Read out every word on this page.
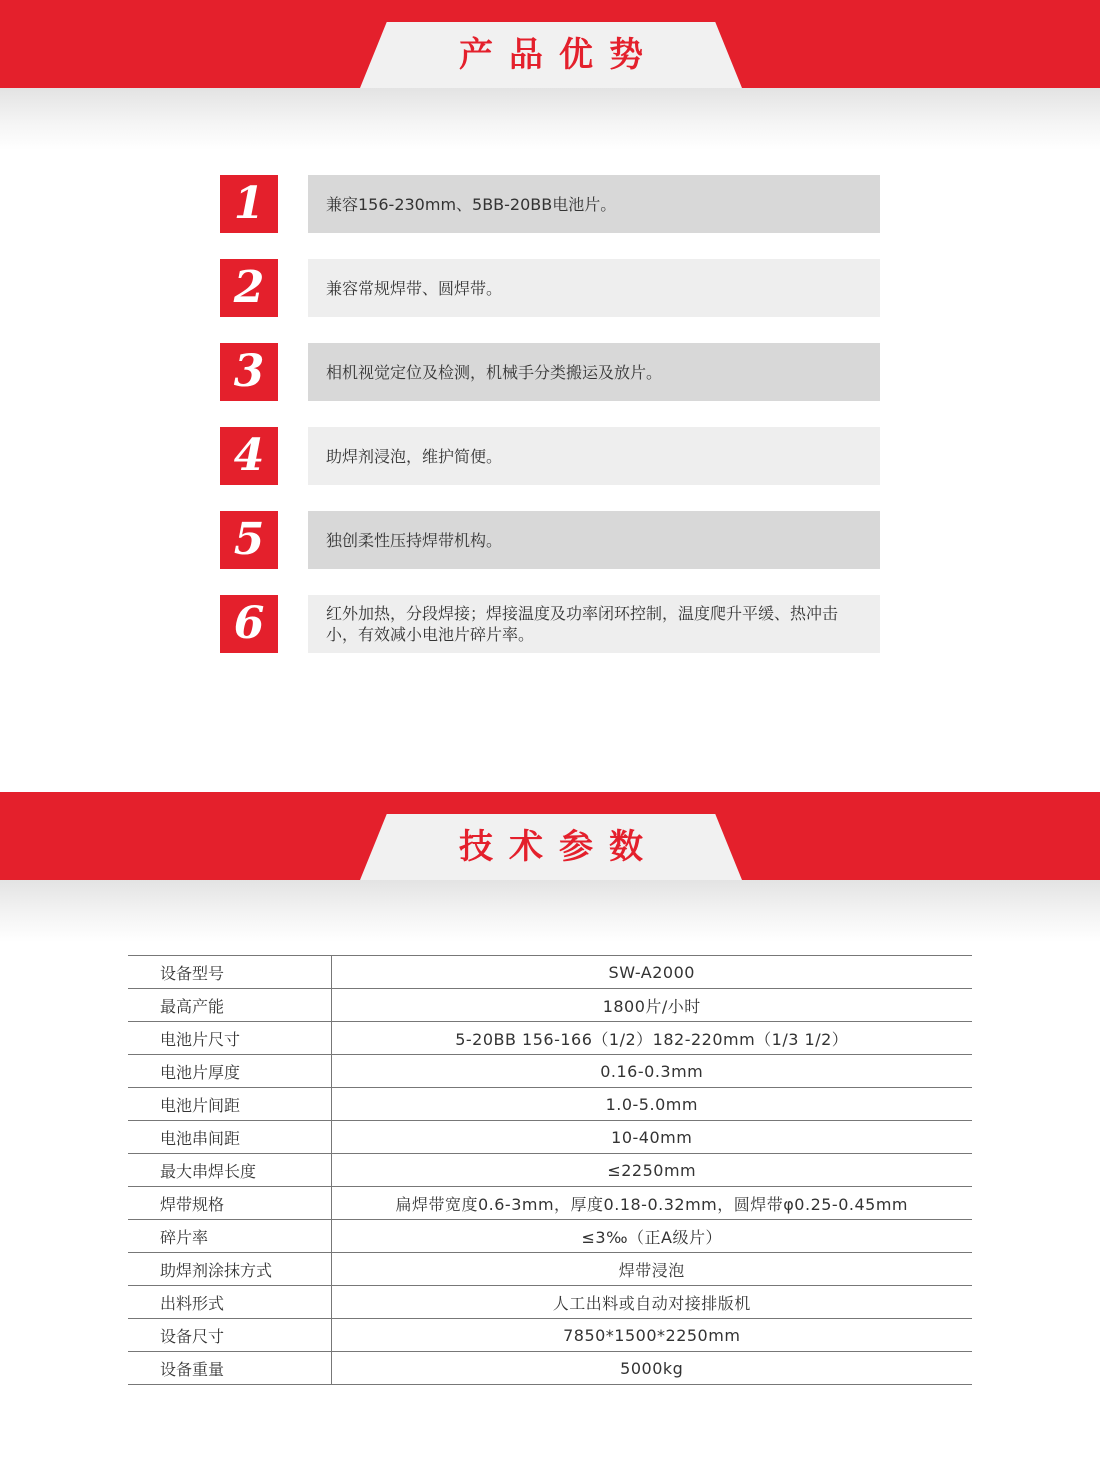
产品优势
1	兼容156-230mm、5BB-20BB电池片。
2	兼容常规焊带、圆焊带。
3	相机视觉定位及检测，机械手分类搬运及放片。
4	助焊剂浸泡，维护简便。
5	独创柔性压持焊带机构。
6	红外加热，分段焊接；焊接温度及功率闭环控制，温度爬升平缓、热冲击小，有效减小电池片碎片率。
技术参数
设备型号	SW-A2000
最高产能	1800片/小时
电池片尺寸	5-20BB 156-166（1/2）182-220mm（1/3 1/2）
电池片厚度	0.16-0.3mm
电池片间距	1.0-5.0mm
电池串间距	10-40mm
最大串焊长度	≤2250mm
焊带规格	扁焊带宽度0.6-3mm，厚度0.18-0.32mm，圆焊带φ0.25-0.45mm
碎片率	≤3‰（正A级片）
助焊剂涂抹方式	焊带浸泡
出料形式	人工出料或自动对接排版机
设备尺寸	7850*1500*2250mm
设备重量	5000kg
